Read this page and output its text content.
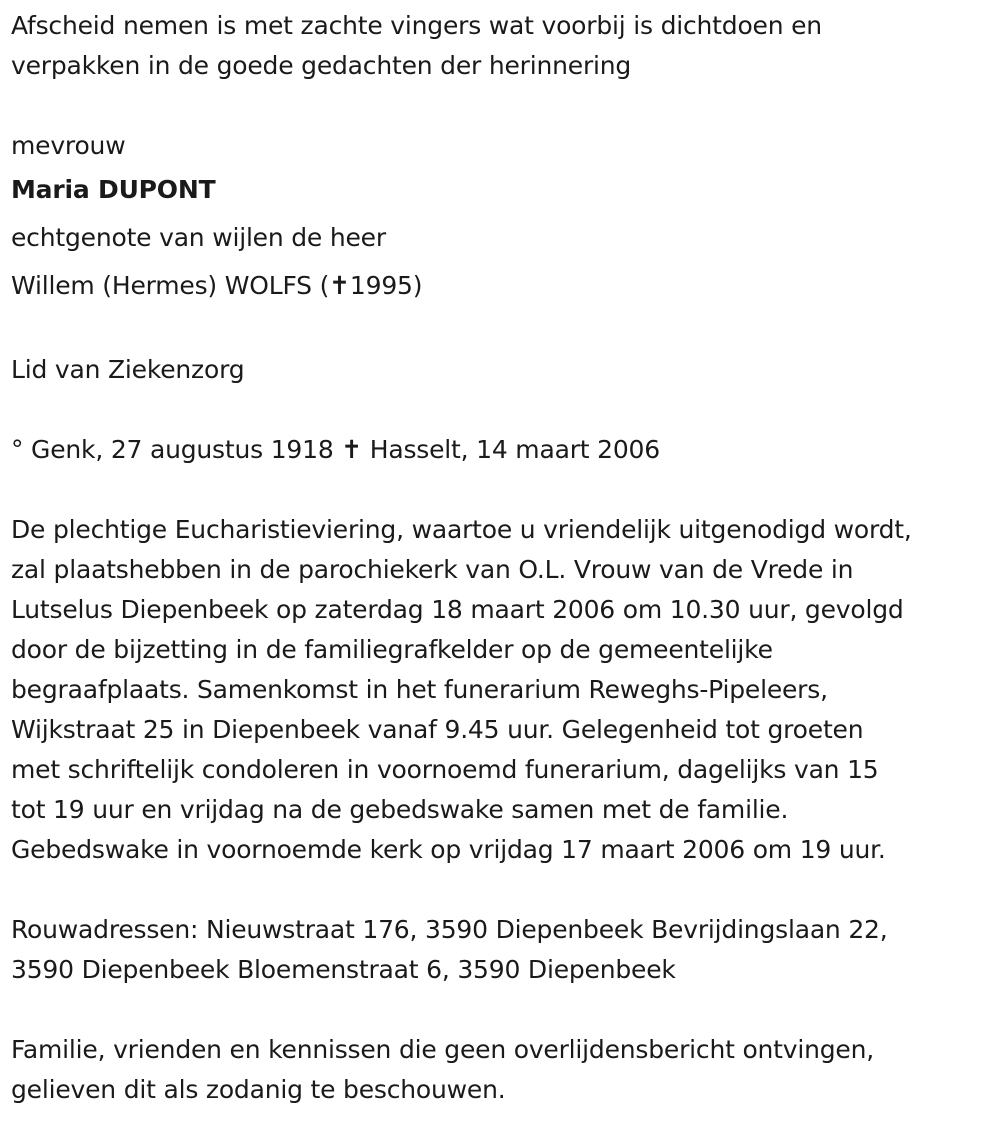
Afscheid nemen is met zachte vingers wat voorbij is dichtdoen en
verpakken in de goede gedachten der herinnering
mevrouw
Maria DUPONT
echtgenote van wijlen de heer
Willem (Hermes) WOLFS (✝1995)
Lid van Ziekenzorg
° Genk, 27 augustus 1918 ✝ Hasselt, 14 maart 2006
De plechtige Eucharistieviering, waartoe u vriendelijk uitgenodigd wordt,
zal plaatshebben in de parochiekerk van O.L. Vrouw van de Vrede in
Lutselus Diepenbeek op zaterdag 18 maart 2006 om 10.30 uur, gevolgd
door de bijzetting in de familiegrafkelder op de gemeentelijke
begraafplaats. Samenkomst in het funerarium Reweghs-Pipeleers,
Wijkstraat 25 in Diepenbeek vanaf 9.45 uur. Gelegenheid tot groeten
met schriftelijk condoleren in voornoemd funerarium, dagelijks van 15
tot 19 uur en vrijdag na de gebedswake samen met de familie.
Gebedswake in voornoemde kerk op vrijdag 17 maart 2006 om 19 uur.
Rouwadressen: Nieuwstraat 176, 3590 Diepenbeek Bevrijdingslaan 22,
3590 Diepenbeek Bloemenstraat 6, 3590 Diepenbeek
Familie, vrienden en kennissen die geen overlijdensbericht ontvingen,
gelieven dit als zodanig te beschouwen.
